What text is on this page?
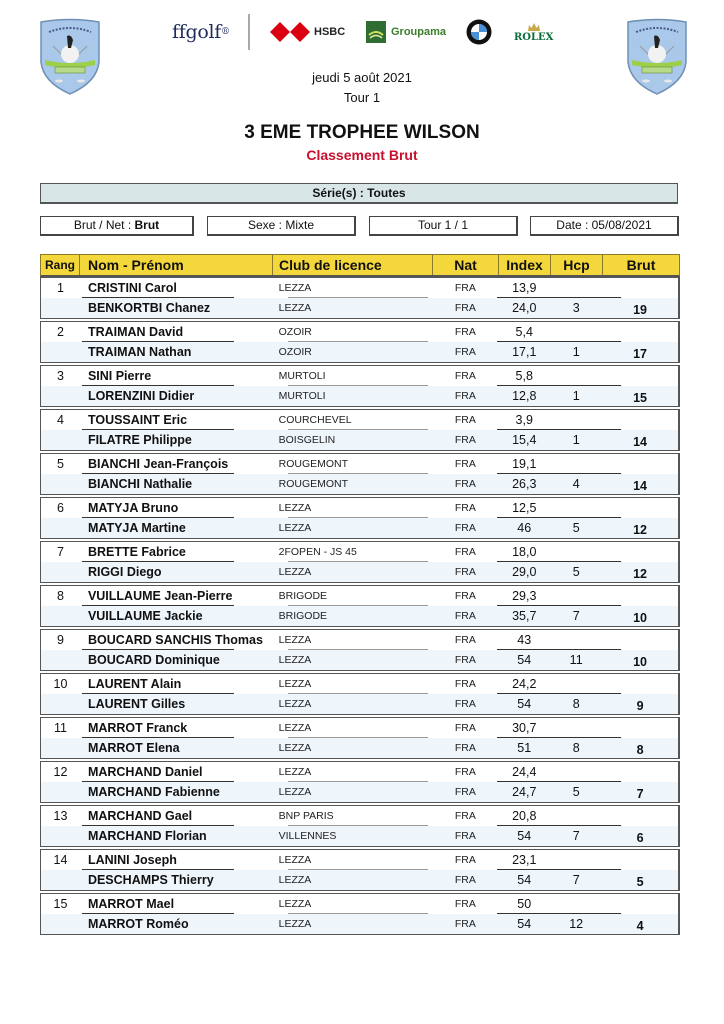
ffgolf ®	HSBC	Groupama	ROLEX
jeudi 5 août 2021
Tour 1
3 EME TROPHEE WILSON
Classement Brut
Série(s) : Toutes
Brut / Net : Brut	Sexe : Mixte	Tour 1 / 1	Date : 05/08/2021
Rang Nom - Prénom	Club de licence	Nat	Index	Hcp	Brut
1	CRISTINI Carol	LEZZA	FRA	13,9
BENKORTBI Chanez	LEZZA	FRA	24,0	3	19
2	TRAIMAN David	OZOIR	FRA	5,4
TRAIMAN Nathan	OZOIR	FRA	17,1	1	17
3	SINI Pierre	MURTOLI	FRA	5,8
LORENZINI Didier	MURTOLI	FRA	12,8	1	15
4	TOUSSAINT Eric	COURCHEVEL	FRA	3,9
FILATRE Philippe	BOISGELIN	FRA	15,4	1	14
5	BIANCHI Jean-François	ROUGEMONT	FRA	19,1
BIANCHI Nathalie	ROUGEMONT	FRA	26,3	4	14
6	MATYJA Bruno	LEZZA	FRA	12,5
MATYJA Martine	LEZZA	FRA	46	5	12
7	BRETTE Fabrice	2FOPEN - JS 45	FRA	18,0
RIGGI Diego	LEZZA	FRA	29,0	5	12
8	VUILLAUME Jean-Pierre	BRIGODE	FRA	29,3
VUILLAUME Jackie	BRIGODE	FRA	35,7	7	10
9	BOUCARD SANCHIS Thomas	LEZZA	FRA	43
BOUCARD Dominique	LEZZA	FRA	54	11	10
10	LAURENT Alain	LEZZA	FRA	24,2
LAURENT Gilles	LEZZA	FRA	54	8	9
11	MARROT Franck	LEZZA	FRA	30,7
MARROT Elena	LEZZA	FRA	51	8	8
12	MARCHAND Daniel	LEZZA	FRA	24,4
MARCHAND Fabienne	LEZZA	FRA	24,7	5	7
13	MARCHAND Gael	BNP PARIS	FRA	20,8
MARCHAND Florian	VILLENNES	FRA	54	7	6
14	LANINI Joseph	LEZZA	FRA	23,1
DESCHAMPS Thierry	LEZZA	FRA	54	7	5
15	MARROT Mael	LEZZA	FRA	50
MARROT Roméo	LEZZA	FRA	54	12	4
